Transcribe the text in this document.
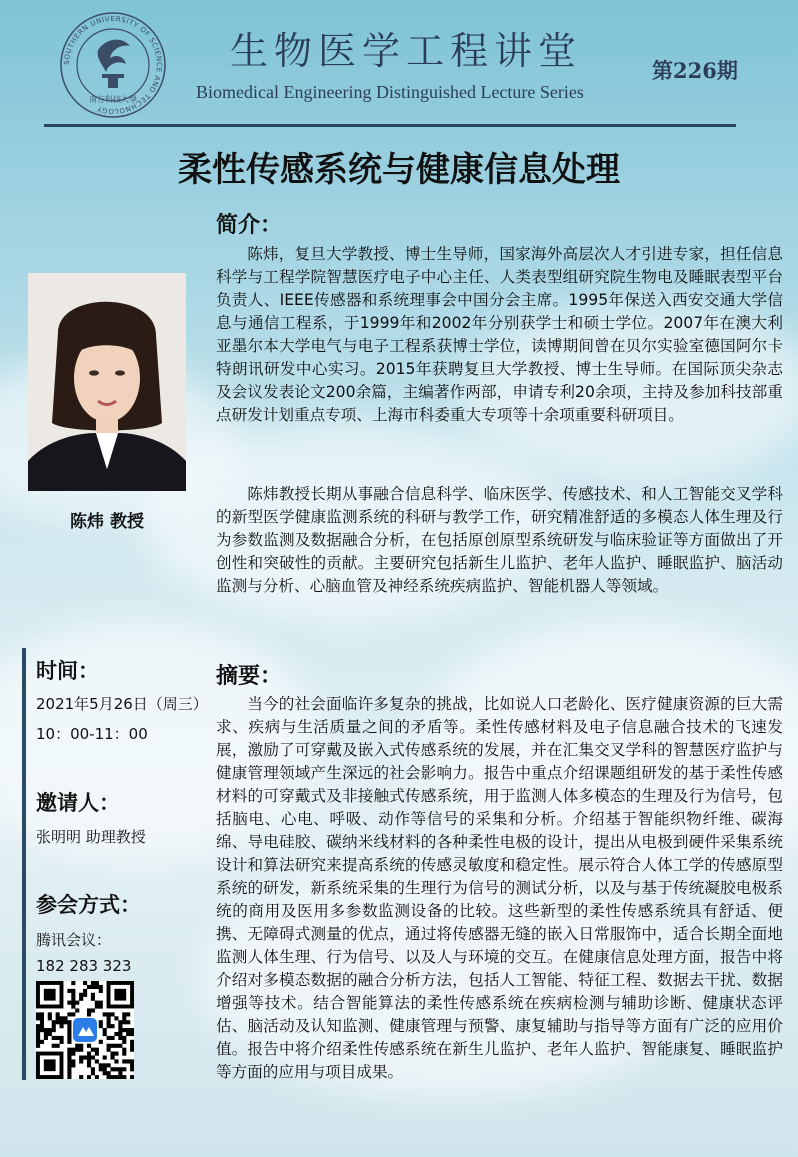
SOUTHERN UNIVERSITY OF SCIENCE AND TECHNOLOGY
南方科技大學
生物医学工程讲堂
Biomedical Engineering Distinguished Lecture Series
第226期
柔性传感系统与健康信息处理
陈炜 教授
简介：

陈炜，复旦大学教授、博士生导师，国家海外高层次人才引进专家，担任信息科学与工程学院智慧医疗电子中心主任、人类表型组研究院生物电及睡眠表型平台负责人、IEEE传感器和系统理事会中国分会主席。1995年保送入西安交通大学信息与通信工程系，于1999年和2002年分别获学士和硕士学位。2007年在澳大利亚墨尔本大学电气与电子工程系获博士学位，读博期间曾在贝尔实验室德国阿尔卡特朗讯研发中心实习。2015年获聘复旦大学教授、博士生导师。在国际顶尖杂志及会议发表论文200余篇，主编著作两部，申请专利20余项，主持及参加科技部重点研发计划重点专项、上海市科委重大专项等十余项重要科研项目。

陈炜教授长期从事融合信息科学、临床医学、传感技术、和人工智能交叉学科的新型医学健康监测系统的科研与教学工作，研究精准舒适的多模态人体生理及行为参数监测及数据融合分析，在包括原创原型系统研发与临床验证等方面做出了开创性和突破性的贡献。主要研究包括新生儿监护、老年人监护、睡眠监护、脑活动监测与分析、心脑血管及神经系统疾病监护、智能机器人等领域。

摘要：

当今的社会面临许多复杂的挑战，比如说人口老龄化、医疗健康资源的巨大需求、疾病与生活质量之间的矛盾等。柔性传感材料及电子信息融合技术的飞速发展，激励了可穿戴及嵌入式传感系统的发展，并在汇集交叉学科的智慧医疗监护与健康管理领域产生深远的社会影响力。报告中重点介绍课题组研发的基于柔性传感材料的可穿戴式及非接触式传感系统，用于监测人体多模态的生理及行为信号，包括脑电、心电、呼吸、动作等信号的采集和分析。介绍基于智能织物纤维、碳海绵、导电硅胶、碳纳米线材料的各种柔性电极的设计，提出从电极到硬件采集系统设计和算法研究来提高系统的传感灵敏度和稳定性。展示符合人体工学的传感原型系统的研发，新系统采集的生理行为信号的测试分析，以及与基于传统凝胶电极系统的商用及医用多参数监测设备的比较。这些新型的柔性传感系统具有舒适、便携、无障碍式测量的优点，通过将传感器无缝的嵌入日常服饰中，适合长期全面地监测人体生理、行为信号、以及人与环境的交互。在健康信息处理方面，报告中将介绍对多模态数据的融合分析方法，包括人工智能、特征工程、数据去干扰、数据增强等技术。结合智能算法的柔性传感系统在疾病检测与辅助诊断、健康状态评估、脑活动及认知监测、健康管理与预警、康复辅助与指导等方面有广泛的应用价值。报告中将介绍柔性传感系统在新生儿监护、老年人监护、智能康复、睡眠监护等方面的应用与项目成果。

时间：
2021年5月26日（周三）
10：00-11：00
邀请人：
张明明 助理教授
参会方式：
腾讯会议：
182 283 323
